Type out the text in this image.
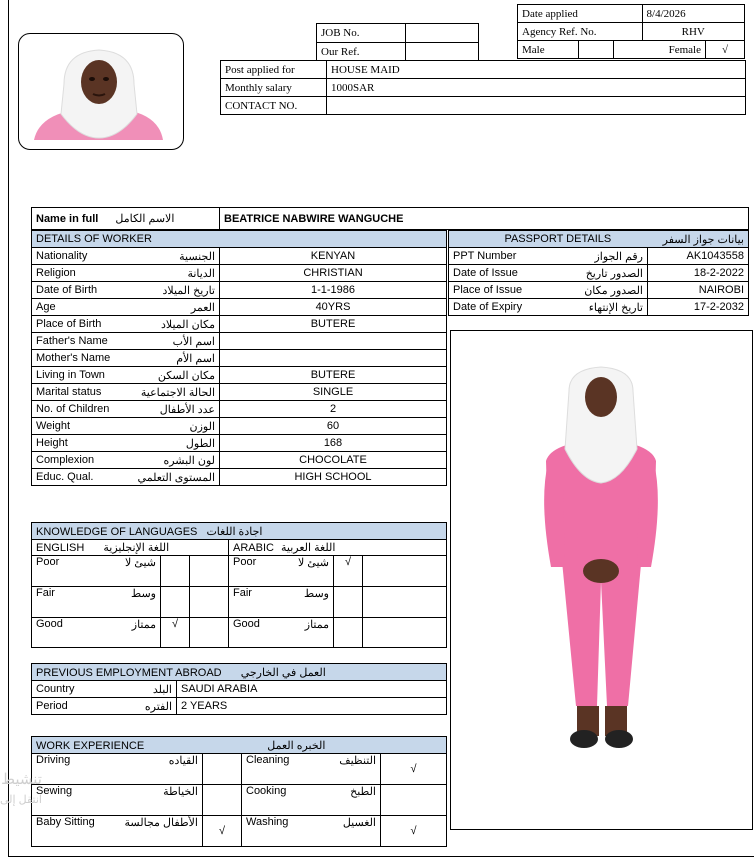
JOB No.	
Our Ref.	
Date applied			8/4/2026	
Agency Ref. No.			RHV	
Male		Female		√
Post applied for	HOUSE MAID
Monthly salary	1000SAR
CONTACT NO.	
Name in full الاسم الكامل	BEATRICE NABWIRE WANGUCHE
DETAILS OF WORKER	
Nationality الجنسية	KENYAN
Religion الديانة	CHRISTIAN
Date of Birth تاريخ الميلاد	1-1-1986
Age العمر	40YRS
Place of Birth مكان الميلاد	BUTERE
Father's Name اسم الأب	

Mother's Name اسم الأم	

Living in Town مكان السكن	BUTERE
Marital status الحالة الاجتماعية	SINGLE
No. of Children عدد الأطفال	2
Weight الوزن	60
Height الطول	168
Complexion لون البشره	CHOCOLATE
Educ. Qual. المستوى التعلمي	HIGH SCHOOL
PASSPORT DETAILS بيانات جواز السفر	

PPT Number رقم الجواز	AK1043558
Date of Issue الصدور تاريخ	18-2-2022
Place of Issue الصدور مكان	NAIROBI
Date of Expiry تاريخ الإنتهاء	17-2-2032
KNOWLEDGE OF LANGUAGES اجادة اللغات					
ENGLISH اللغة الإنجليزية			ARABIC اللغة العربية		
Poor شيئ لا			Poor شيئ لا	√	
Fair وسط			Fair وسط		

Good ممتاز	√		Good ممتاز		

PREVIOUS EMPLOYMENT ABROAD العمل في الخارجي	
Country البلد	SAUDI ARABIA
Period الفتره	2 YEARS
WORK EXPERIENCE الخبره العمل			
Driving القياده		Cleaning التنظيف	√
Sewing الخياطة		Cooking الطبخ	

Baby Sitting الأطفال مجالسة	√	Washing الغسيل	√
تنشيط
انتقل إلى
